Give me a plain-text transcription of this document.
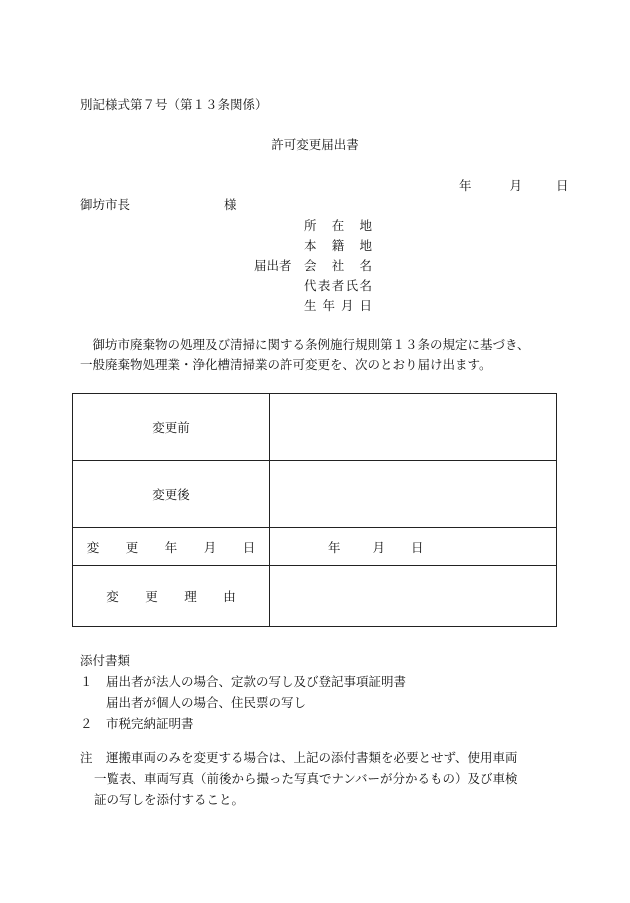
別記様式第７号（第１３条関係）
許可変更届出書
年	月	日
御坊市長	様
届出者
所在地
本籍地
会社名
代表者氏名
生年月日
御坊市廃棄物の処理及び清掃に関する条例施行規則第１３条の規定に基づき、
一般廃棄物処理業・浄化槽清掃業の許可変更を、次のとおり届け出ます。
変更前	
変更後	
変 更 年 月 日	年 月 日

変 更 理 由	
添付書類
１ 届出者が法人の場合、定款の写し及び登記事項証明書
届出者が個人の場合、住民票の写し
２ 市税完納証明書
注 運搬車両のみを変更する場合は、上記の添付書類を必要とせず、使用車両
一覧表、車両写真（前後から撮った写真でナンバーが分かるもの）及び車検
証の写しを添付すること。
